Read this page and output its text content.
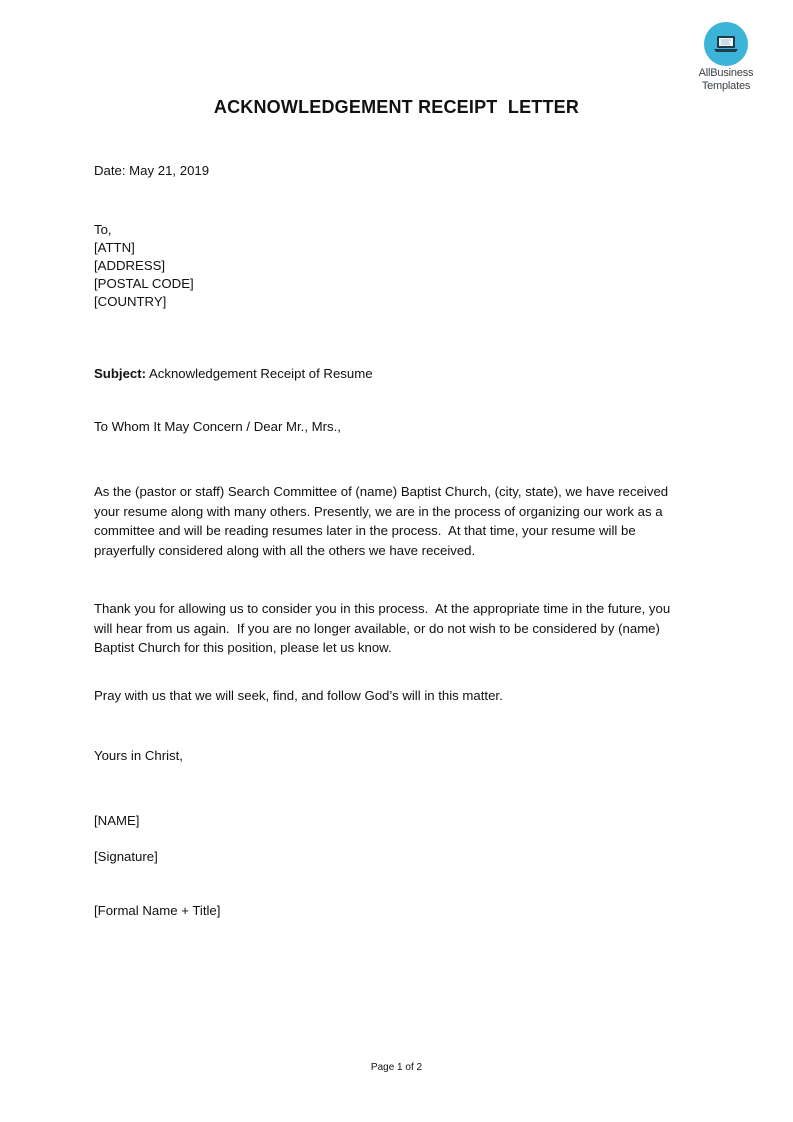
AllBusiness
Templates
ACKNOWLEDGEMENT RECEIPT  LETTER
Date: May 21, 2019
To,
[ATTN]
[ADDRESS]
[POSTAL CODE]
[COUNTRY]
Subject: Acknowledgement Receipt of Resume
To Whom It May Concern / Dear Mr., Mrs.,
As the (pastor or staff) Search Committee of (name) Baptist Church, (city, state), we have received
your resume along with many others. Presently, we are in the process of organizing our work as a
committee and will be reading resumes later in the process.  At that time, your resume will be
prayerfully considered along with all the others we have received.
Thank you for allowing us to consider you in this process.  At the appropriate time in the future, you
will hear from us again.  If you are no longer available, or do not wish to be considered by (name)
Baptist Church for this position, please let us know.
Pray with us that we will seek, find, and follow God’s will in this matter.
Yours in Christ,
[NAME]
[Signature]
[Formal Name + Title]
Page 1 of 2
